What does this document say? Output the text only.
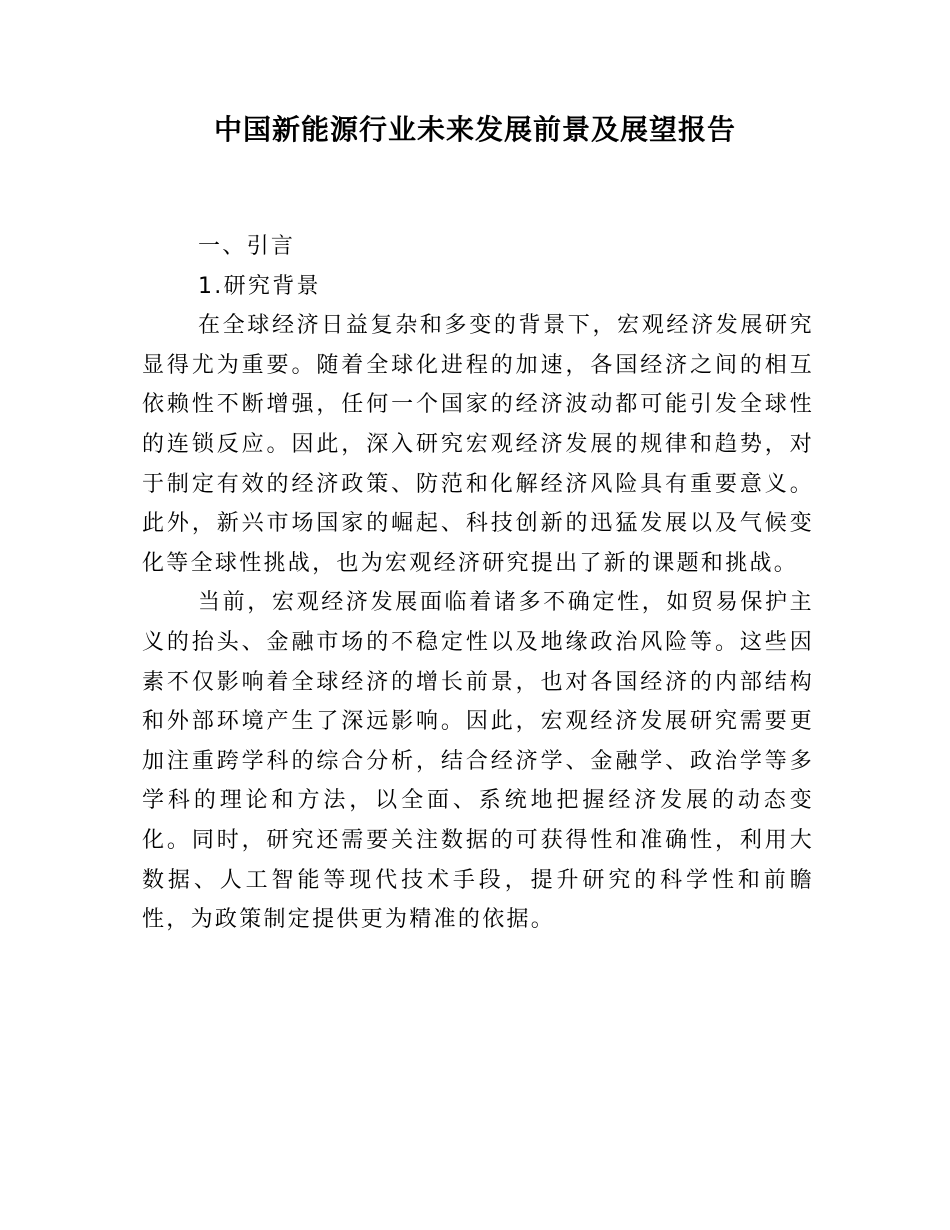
中国新能源行业未来发展前景及展望报告
一、引言
1.研究背景

在全球经济日益复杂和多变的背景下，宏观经济发展研究显得尤为重要。随着全球化进程的加速，各国经济之间的相互依赖性不断增强，任何一个国家的经济波动都可能引发全球性的连锁反应。因此，深入研究宏观经济发展的规律和趋势，对于制定有效的经济政策、防范和化解经济风险具有重要意义。此外，新兴市场国家的崛起、科技创新的迅猛发展以及气候变化等全球性挑战，也为宏观经济研究提出了新的课题和挑战。

当前，宏观经济发展面临着诸多不确定性，如贸易保护主义的抬头、金融市场的不稳定性以及地缘政治风险等。这些因素不仅影响着全球经济的增长前景，也对各国经济的内部结构和外部环境产生了深远影响。因此，宏观经济发展研究需要更加注重跨学科的综合分析，结合经济学、金融学、政治学等多学科的理论和方法，以全面、系统地把握经济发展的动态变化。同时，研究还需要关注数据的可获得性和准确性，利用大数据、人工智能等现代技术手段，提升研究的科学性和前瞻性，为政策制定提供更为精准的依据。
